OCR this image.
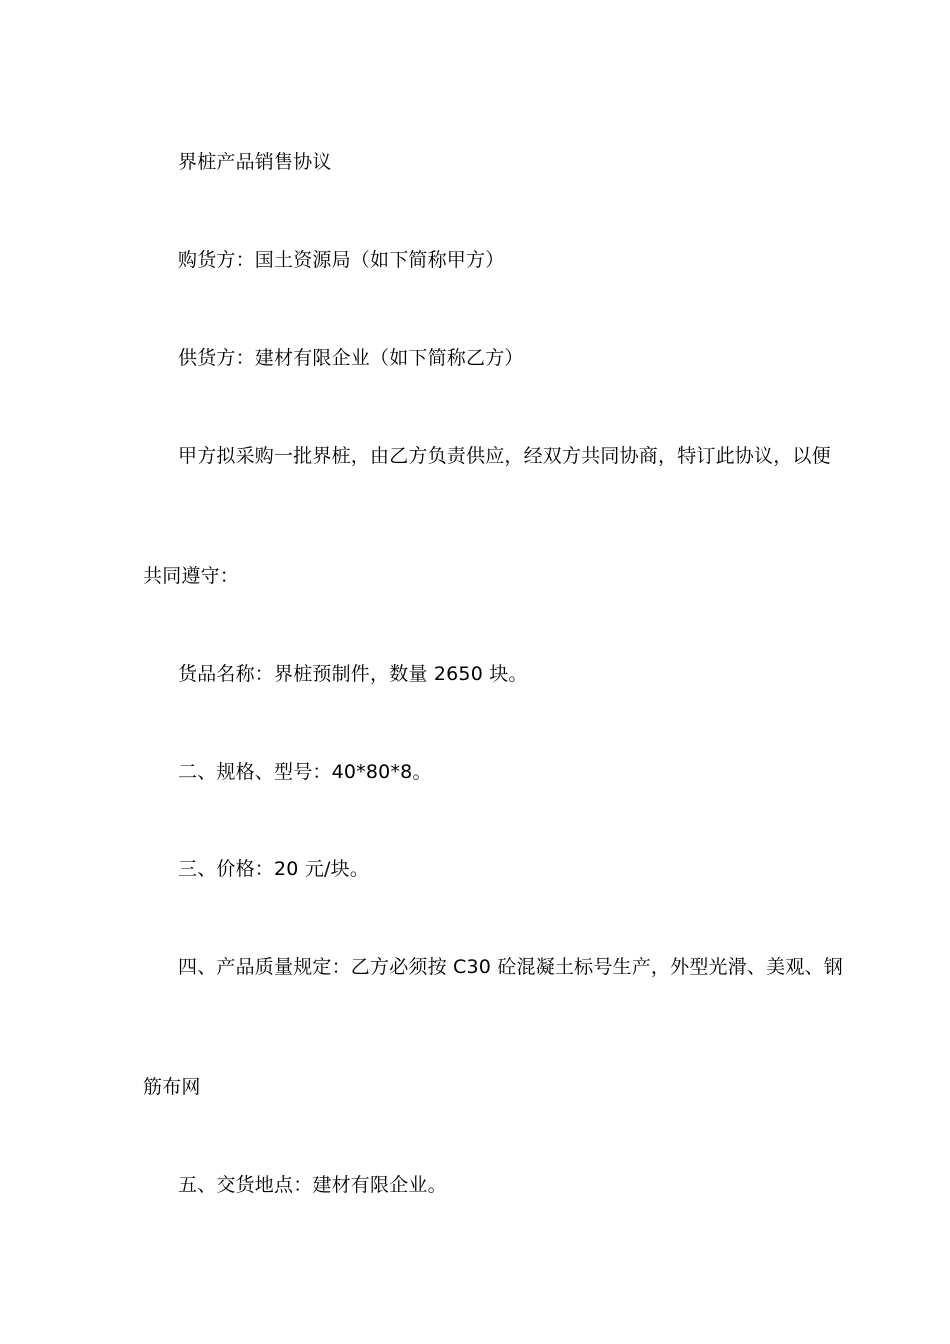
界桩产品销售协议
购货方：国土资源局（如下简称甲方）
供货方：建材有限企业（如下简称乙方）
甲方拟采购一批界桩，由乙方负责供应，经双方共同协商，特订此协议，以便
共同遵守：
货品名称：界桩预制件，数量 2650 块。
二、规格、型号：40*80*8。
三、价格：20 元/块。
四、产品质量规定：乙方必须按 C30 砼混凝土标号生产，外型光滑、美观、钢
筋布网
五、交货地点：建材有限企业。
